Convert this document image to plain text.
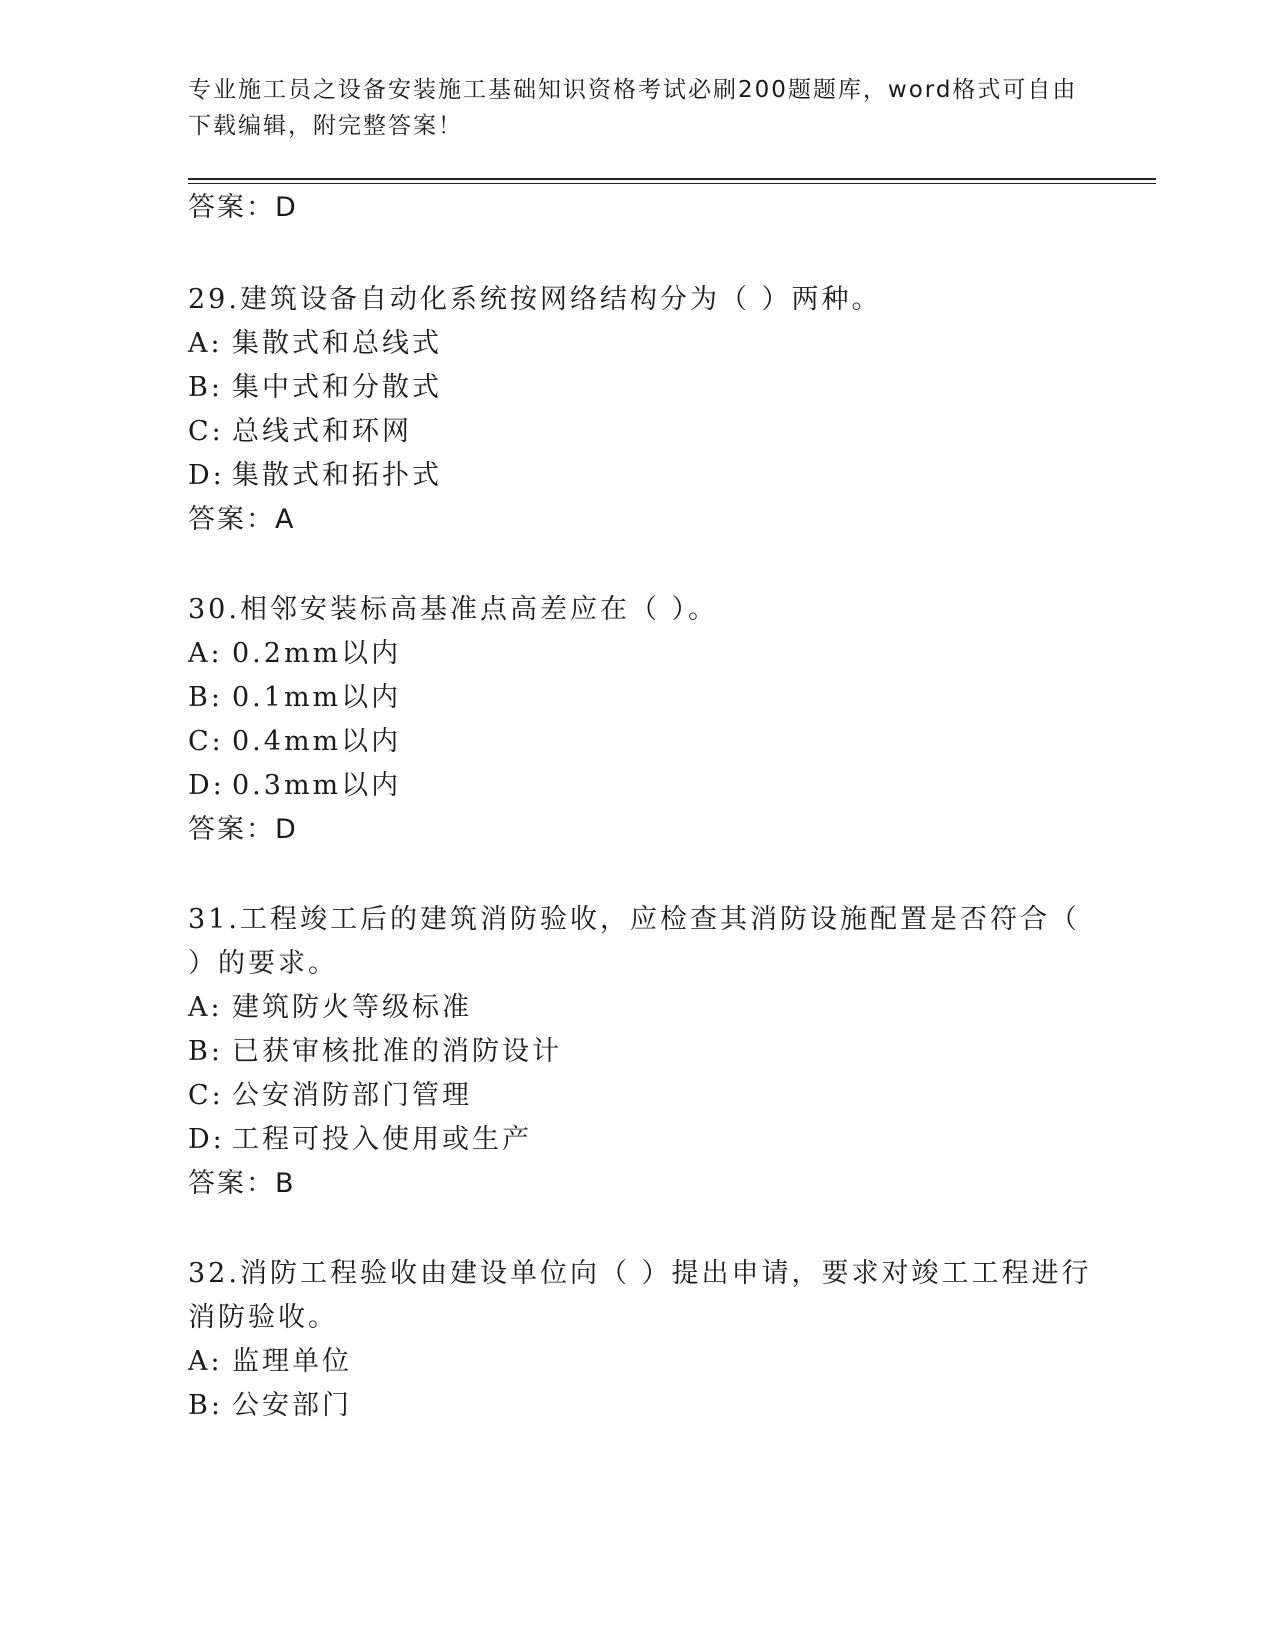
专业施工员之设备安装施工基础知识资格考试必刷200题题库，word格式可自由
下载编辑，附完整答案！
答案：D
29.建筑设备自动化系统按网络结构分为（ ）两种。
A: 集散式和总线式
B: 集中式和分散式
C: 总线式和环网
D: 集散式和拓扑式
答案：A
30.相邻安装标高基准点高差应在（ ）。
A: 0.2mm以内
B: 0.1mm以内
C: 0.4mm以内
D: 0.3mm以内
答案：D
31.工程竣工后的建筑消防验收，应检查其消防设施配置是否符合（
）的要求。
A: 建筑防火等级标准
B: 已获审核批准的消防设计
C: 公安消防部门管理
D: 工程可投入使用或生产
答案：B
32.消防工程验收由建设单位向（ ）提出申请，要求对竣工工程进行
消防验收。
A: 监理单位
B: 公安部门
